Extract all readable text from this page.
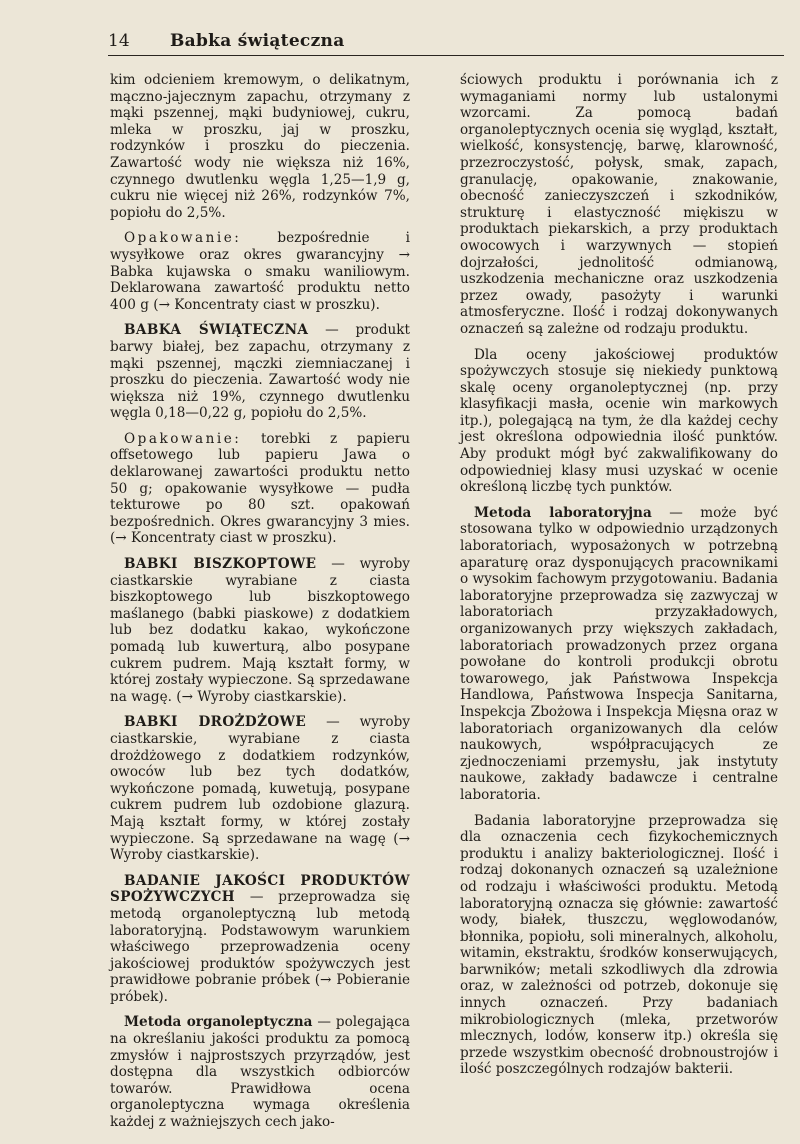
14	Babka świąteczna

kim odcieniem kremowym, o delikatnym, mączno-jajecznym zapachu, otrzymany z mąki pszennej, mąki budyniowej, cukru, mleka w proszku, jaj w proszku, rodzynków i proszku do pieczenia. Zawartość wody nie większa niż 16%, czynnego dwutlenku węgla 1,25—1,9 g, cukru nie więcej niż 26%, rodzynków 7%, popiołu do 2,5%.

Opakowanie: bezpośrednie i wysyłkowe oraz okres gwarancyjny → Babka kujawska o smaku waniliowym. Deklarowana zawartość produktu netto 400 g (→ Koncentraty ciast w proszku).

BABKA ŚWIĄTECZNA — produkt barwy białej, bez zapachu, otrzymany z mąki pszennej, mączki ziemniaczanej i proszku do pieczenia. Zawartość wody nie większa niż 19%, czynnego dwutlenku węgla 0,18—0,22 g, popiołu do 2,5%.

Opakowanie: torebki z papieru offsetowego lub papieru Jawa o deklarowanej zawartości produktu netto 50 g; opakowanie wysyłkowe — pudła tekturowe po 80 szt. opakowań bezpośrednich. Okres gwarancyjny 3 mies. (→ Koncentraty ciast w proszku).

BABKI BISZKOPTOWE — wyroby ciastkarskie wyrabiane z ciasta biszkoptowego lub biszkoptowego maślanego (babki piaskowe) z dodatkiem lub bez dodatku kakao, wykończone pomadą lub kuwerturą, albo posypane cukrem pudrem. Mają kształt formy, w której zostały wypieczone. Są sprzedawane na wagę. (→ Wyroby ciastkarskie).

BABKI DROŻDŻOWE — wyroby ciastkarskie, wyrabiane z ciasta drożdżowego z dodatkiem rodzynków, owoców lub bez tych dodatków, wykończone pomadą, kuwetują, posypane cukrem pudrem lub ozdobione glazurą. Mają kształt formy, w której zostały wypieczone. Są sprzedawane na wagę (→ Wyroby ciastkarskie).

BADANIE JAKOŚCI PRODUKTÓW SPOŻYWCZYCH — przeprowadza się metodą organoleptyczną lub metodą laboratoryjną. Podstawowym warunkiem właściwego przeprowadzenia oceny jakościowej produktów spożywczych jest prawidłowe pobranie próbek (→ Pobieranie próbek).

Metoda organoleptyczna — polegająca na określaniu jakości produktu za pomocą zmysłów i najprostszych przyrządów, jest dostępna dla wszystkich odbiorców towarów. Prawidłowa ocena organoleptyczna wymaga określenia każdej z ważniejszych cech jako-

ściowych produktu i porównania ich z wymaganiami normy lub ustalonymi wzorcami. Za pomocą badań organoleptycznych ocenia się wygląd, kształt, wielkość, konsystencję, barwę, klarowność, przezroczystość, połysk, smak, zapach, granulację, opakowanie, znakowanie, obecność zanieczyszczeń i szkodników, strukturę i elastyczność miękiszu w produktach piekarskich, a przy produktach owocowych i warzywnych — stopień dojrzałości, jednolitość odmianową, uszkodzenia mechaniczne oraz uszkodzenia przez owady, pasożyty i warunki atmosferyczne. Ilość i rodzaj dokonywanych oznaczeń są zależne od rodzaju produktu.

Dla oceny jakościowej produktów spożywczych stosuje się niekiedy punktową skalę oceny organoleptycznej (np. przy klasyfikacji masła, ocenie win markowych itp.), polegającą na tym, że dla każdej cechy jest określona odpowiednia ilość punktów. Aby produkt mógł być zakwalifikowany do odpowiedniej klasy musi uzyskać w ocenie określoną liczbę tych punktów.

Metoda laboratoryjna — może być stosowana tylko w odpowiednio urządzonych laboratoriach, wyposażonych w potrzebną aparaturę oraz dysponujących pracownikami o wysokim fachowym przygotowaniu. Badania laboratoryjne przeprowadza się zazwyczaj w laboratoriach przyzakładowych, organizowanych przy większych zakładach, laboratoriach prowadzonych przez organa powołane do kontroli produkcji obrotu towarowego, jak Państwowa Inspekcja Handlowa, Państwowa Inspecja Sanitarna, Inspekcja Zbożowa i Inspekcja Mięsna oraz w laboratoriach organizowanych dla celów naukowych, współpracujących ze zjednoczeniami przemysłu, jak instytuty naukowe, zakłady badawcze i centralne laboratoria.

Badania laboratoryjne przeprowadza się dla oznaczenia cech fizykochemicznych produktu i analizy bakteriologicznej. Ilość i rodzaj dokonanych oznaczeń są uzależnione od rodzaju i właściwości produktu. Metodą laboratoryjną oznacza się głównie: zawartość wody, białek, tłuszczu, węglowodanów, błonnika, popiołu, soli mineralnych, alkoholu, witamin, ekstraktu, środków konserwujących, barwników; metali szkodliwych dla zdrowia oraz, w zależności od potrzeb, dokonuje się innych oznaczeń. Przy badaniach mikrobiologicznych (mleka, przetworów mlecznych, lodów, konserw itp.) określa się przede wszystkim obecność drobnoustrojów i ilość poszczególnych rodzajów bakterii.
